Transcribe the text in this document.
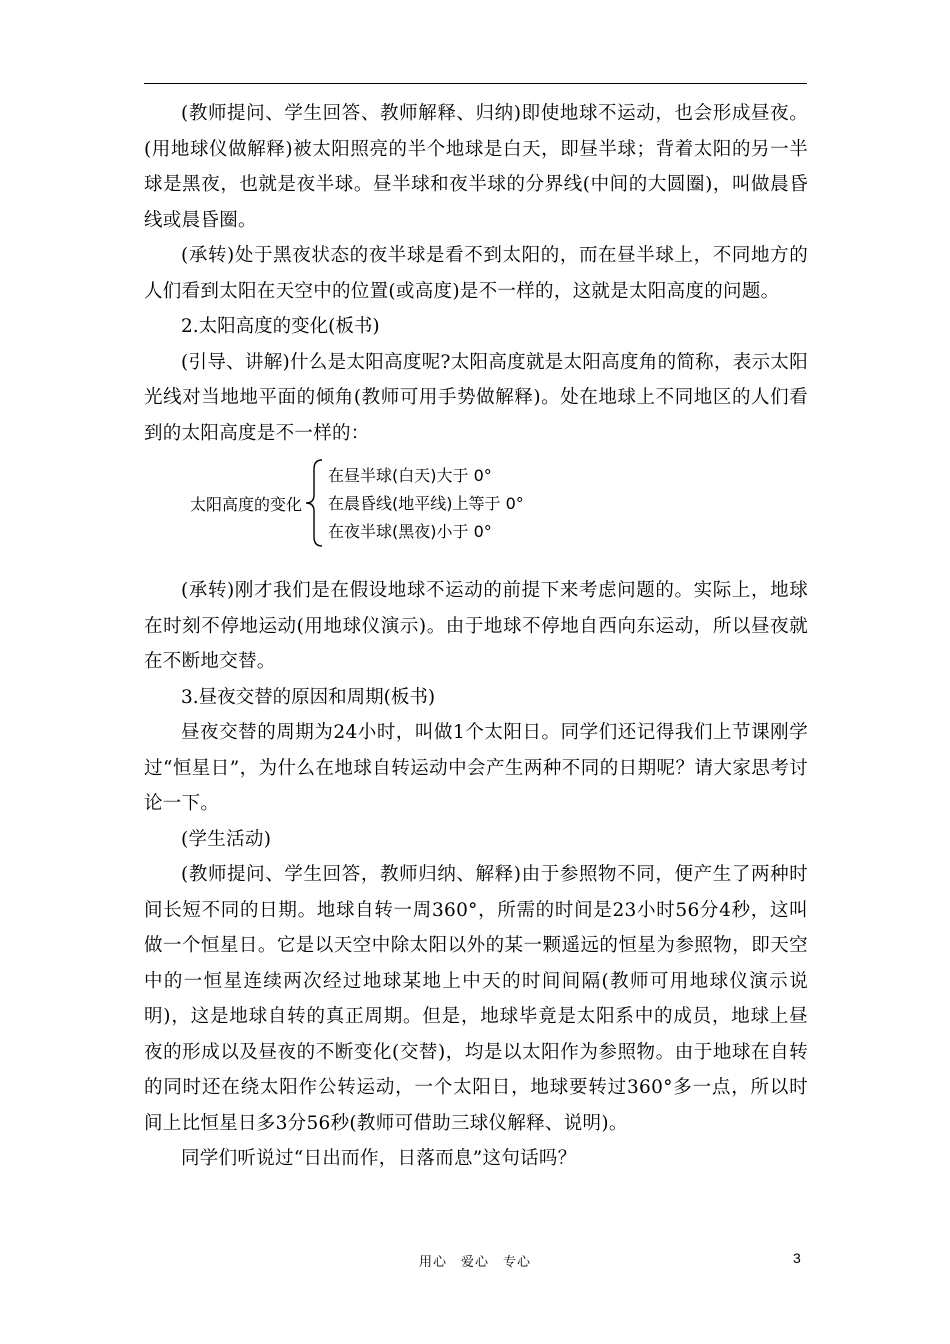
(教师提问、学生回答、教师解释、归纳)即使地球不运动，也会形成昼夜。(用地球仪做解释)被太阳照亮的半个地球是白天，即昼半球；背着太阳的另一半球是黑夜，也就是夜半球。昼半球和夜半球的分界线(中间的大圆圈)，叫做晨昏线或晨昏圈。

(承转)处于黑夜状态的夜半球是看不到太阳的，而在昼半球上，不同地方的人们看到太阳在天空中的位置(或高度)是不一样的，这就是太阳高度的问题。

2.太阳高度的变化(板书)

(引导、讲解)什么是太阳高度呢?太阳高度就是太阳高度角的简称，表示太阳光线对当地地平面的倾角(教师可用手势做解释)。处在地球上不同地区的人们看到的太阳高度是不一样的：

太阳高度的变化
在昼半球(白天)大于 0°
在晨昏线(地平线)上等于 0°
在夜半球(黑夜)小于 0°

(承转)刚才我们是在假设地球不运动的前提下来考虑问题的。实际上，地球在时刻不停地运动(用地球仪演示)。由于地球不停地自西向东运动，所以昼夜就在不断地交替。

3.昼夜交替的原因和周期(板书)

昼夜交替的周期为24小时，叫做1个太阳日。同学们还记得我们上节课刚学过“恒星日”，为什么在地球自转运动中会产生两种不同的日期呢？请大家思考讨论一下。

(学生活动)

(教师提问、学生回答，教师归纳、解释)由于参照物不同，便产生了两种时间长短不同的日期。地球自转一周360°，所需的时间是23小时56分4秒，这叫做一个恒星日。它是以天空中除太阳以外的某一颗遥远的恒星为参照物，即天空中的一恒星连续两次经过地球某地上中天的时间间隔(教师可用地球仪演示说明)，这是地球自转的真正周期。但是，地球毕竟是太阳系中的成员，地球上昼夜的形成以及昼夜的不断变化(交替)，均是以太阳作为参照物。由于地球在自转的同时还在绕太阳作公转运动，一个太阳日，地球要转过360°多一点，所以时间上比恒星日多3分56秒(教师可借助三球仪解释、说明)。

同学们听说过“日出而作，日落而息”这句话吗？

用心　爱心　专心	3
